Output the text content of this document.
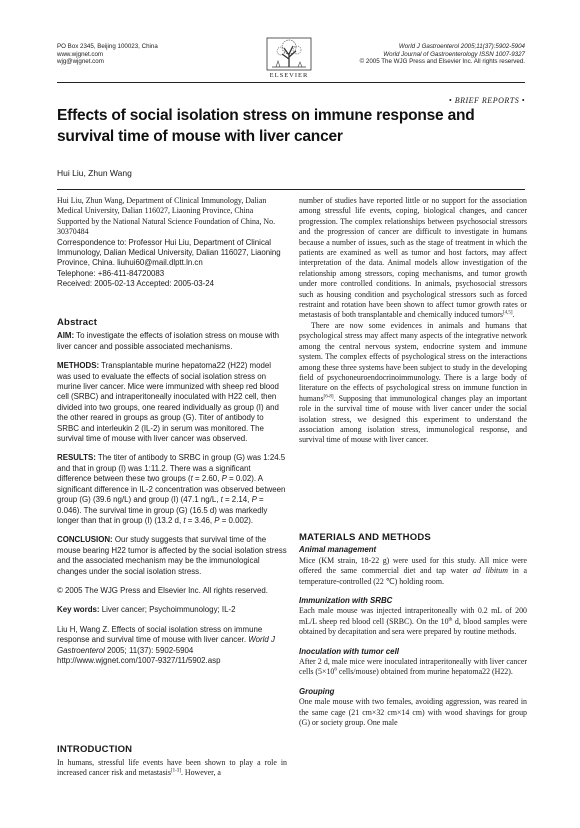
PO Box 2345, Beijing 100023, China
www.wjgnet.com
wjg@wjgnet.com
ELSEVIER
World J Gastroenterol 2005;11(37):5902-5904
World Journal of Gastroenterology ISSN 1007-9327
© 2005 The WJG Press and Elsevier Inc. All rights reserved.
• BRIEF REPORTS •
Effects of social isolation stress on immune response and survival time of mouse with liver cancer
Hui Liu, Zhun Wang

Hui Liu, Zhun Wang, Department of Clinical Immunology, Dalian Medical University, Dalian 116027, Liaoning Province, China

Supported by the National Natural Science Foundation of China, No. 30370484

Correspondence to: Professor Hui Liu, Department of Clinical Immunology, Dalian Medical University, Dalian 116027, Liaoning Province, China. liuhui60@mail.dlptt.ln.cn

Telephone: +86-411-84720083

Received: 2005-02-13 Accepted: 2005-03-24

Abstract

AIM: To investigate the effects of isolation stress on mouse with liver cancer and possible associated mechanisms.

METHODS: Transplantable murine hepatoma22 (H22) model was used to evaluate the effects of social isolation stress on murine liver cancer. Mice were immunized with sheep red blood cell (SRBC) and intraperitoneally inoculated with H22 cell, then divided into two groups, one reared individually as group (I) and the other reared in groups as group (G). Titer of antibody to SRBC and interleukin 2 (IL-2) in serum was monitored. The survival time of mouse with liver cancer was observed.

RESULTS: The titer of antibody to SRBC in group (G) was 1:24.5 and that in group (I) was 1:11.2. There was a significant difference between these two groups (t = 2.60, P = 0.02). A significant difference in IL-2 concentration was observed between group (G) (39.6 ng/L) and group (I) (47.1 ng/L, t = 2.14, P = 0.046). The survival time in group (G) (16.5 d) was markedly longer than that in group (I) (13.2 d, t = 3.46, P = 0.002).

CONCLUSION: Our study suggests that survival time of the mouse bearing H22 tumor is affected by the social isolation stress and the associated mechanism may be the immunological changes under the social isolation stress.

© 2005 The WJG Press and Elsevier Inc. All rights reserved.

Key words: Liver cancer; Psychoimmunology; IL-2

Liu H, Wang Z. Effects of social isolation stress on immune response and survival time of mouse with liver cancer. World J Gastroenterol 2005; 11(37): 5902-5904
http://www.wjgnet.com/1007-9327/11/5902.asp

INTRODUCTION
In humans, stressful life events have been shown to play a role in increased cancer risk and metastasis[1-3]. However, a

number of studies have reported little or no support for the association among stressful life events, coping, biological changes, and cancer progression. The complex relationships between psychosocial stressors and the progression of cancer are difficult to investigate in humans because a number of issues, such as the stage of treatment in which the patients are examined as well as tumor and host factors, may affect interpretation of the data. Animal models allow investigation of the relationship among stressors, coping mechanisms, and tumor growth under more controlled conditions. In animals, psychosocial stressors such as housing condition and psychological stressors such as forced restraint and rotation have been shown to affect tumor growth rates or metastasis of both transplantable and chemically induced tumors[4,5].

There are now some evidences in animals and humans that psychological stress may affect many aspects of the integrative network among the central nervous system, endocrine system and immune system. The complex effects of psychological stress on the interactions among these three systems have been subject to study in the developing field of psychoneuroendocrinoimmunology. There is a large body of literature on the effects of psychological stress on immune function in humans[6-8]. Supposing that immunological changes play an important role in the survival time of mouse with liver cancer under the social isolation stress, we designed this experiment to understand the association among isolation stress, immunological response, and survival time of mouse with liver cancer.

MATERIALS AND METHODS
Animal management

Mice (KM strain, 18-22 g) were used for this study. All mice were offered the same commercial diet and tap water ad libitum in a temperature-controlled (22 ℃) holding room.

Immunization with SRBC

Each male mouse was injected intraperitoneally with 0.2 mL of 200 mL/L sheep red blood cell (SRBC). On the 10th d, blood samples were obtained by decapitation and sera were prepared by routine methods.

Inoculation with tumor cell

After 2 d, male mice were inoculated intraperitoneally with liver cancer cells ($5\times 10^6$ cells/mouse) obtained from murine hepatoma22 (H22).

Grouping

One male mouse with two females, avoiding aggression, was reared in the same cage (21 cm×32 cm×14 cm) with wood shavings for group (G) or society group. One male
